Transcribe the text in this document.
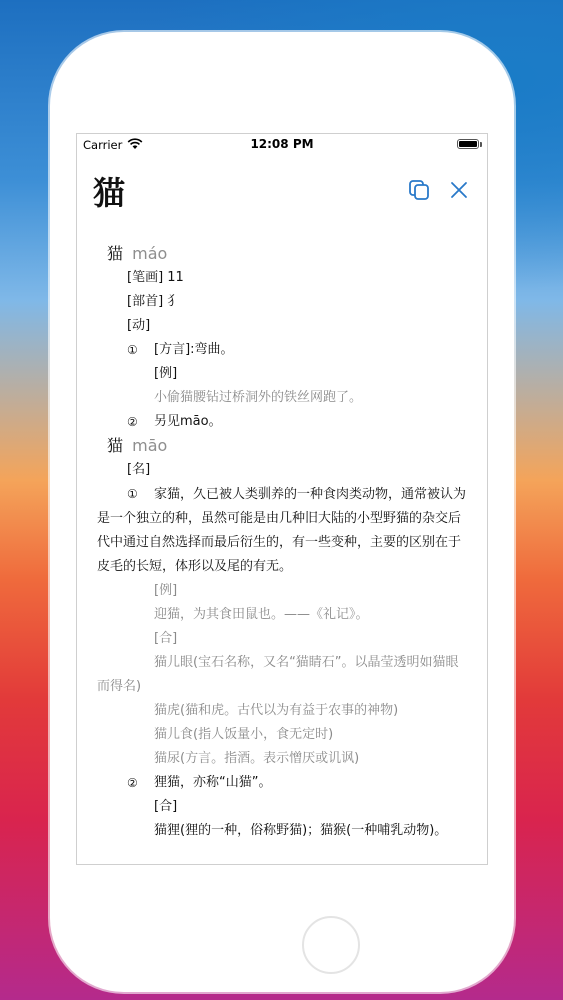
Carrier	12:08 PM
猫
猫 máo
[笔画] 11
[部首] 犭
[动]
① [方言]:弯曲。
[例]
小偷猫腰钻过桥洞外的铁丝网跑了。
② 另见māo。
猫 māo
[名]
① 家猫，久已被人类驯养的一种食肉类动物，通常被认为是一个独立的种，虽然可能是由几种旧大陆的小型野猫的杂交后代中通过自然选择而最后衍生的，有一些变种，主要的区别在于皮毛的长短，体形以及尾的有无。
[例]
迎猫，为其食田鼠也。——《礼记》。
[合]
猫儿眼(宝石名称，又名“猫睛石”。以晶莹透明如猫眼而得名)
猫虎(猫和虎。古代以为有益于农事的神物)
猫儿食(指人饭量小，食无定时)
猫尿(方言。指酒。表示憎厌或讥讽)
② 狸猫，亦称“山猫”。
[合]
猫狸(狸的一种，俗称野猫)；猫猴(一种哺乳动物)。
